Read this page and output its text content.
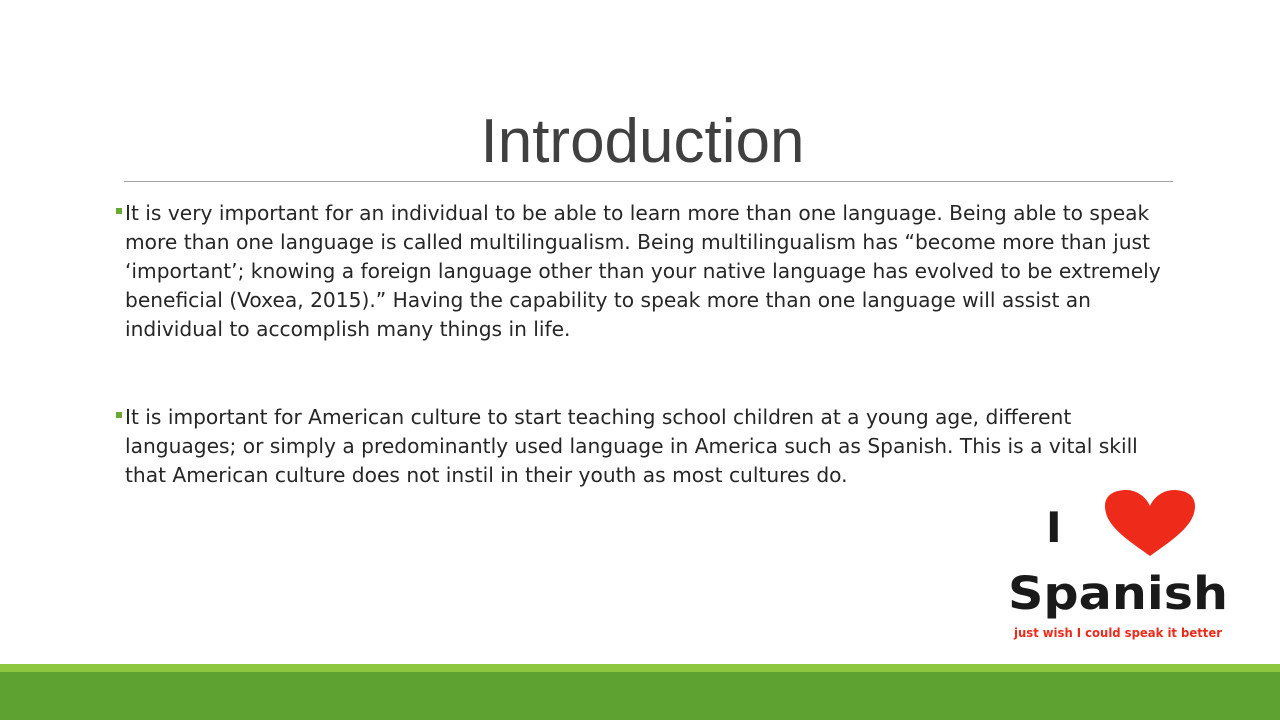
Introduction

It is very important for an individual to be able to learn more than one language. Being able to speak more than one language is called multilingualism. Being multilingualism has “become more than just ‘important’; knowing a foreign language other than your native language has evolved to be extremely beneficial (Voxea, 2015).” Having the capability to speak more than one language will assist an individual to accomplish many things in life.

It is important for American culture to start teaching school children at a young age, different languages; or simply a predominantly used language in America such as Spanish. This is a vital skill that American culture does not instil in their youth as most cultures do.

I
Spanish
just wish I could speak it better
